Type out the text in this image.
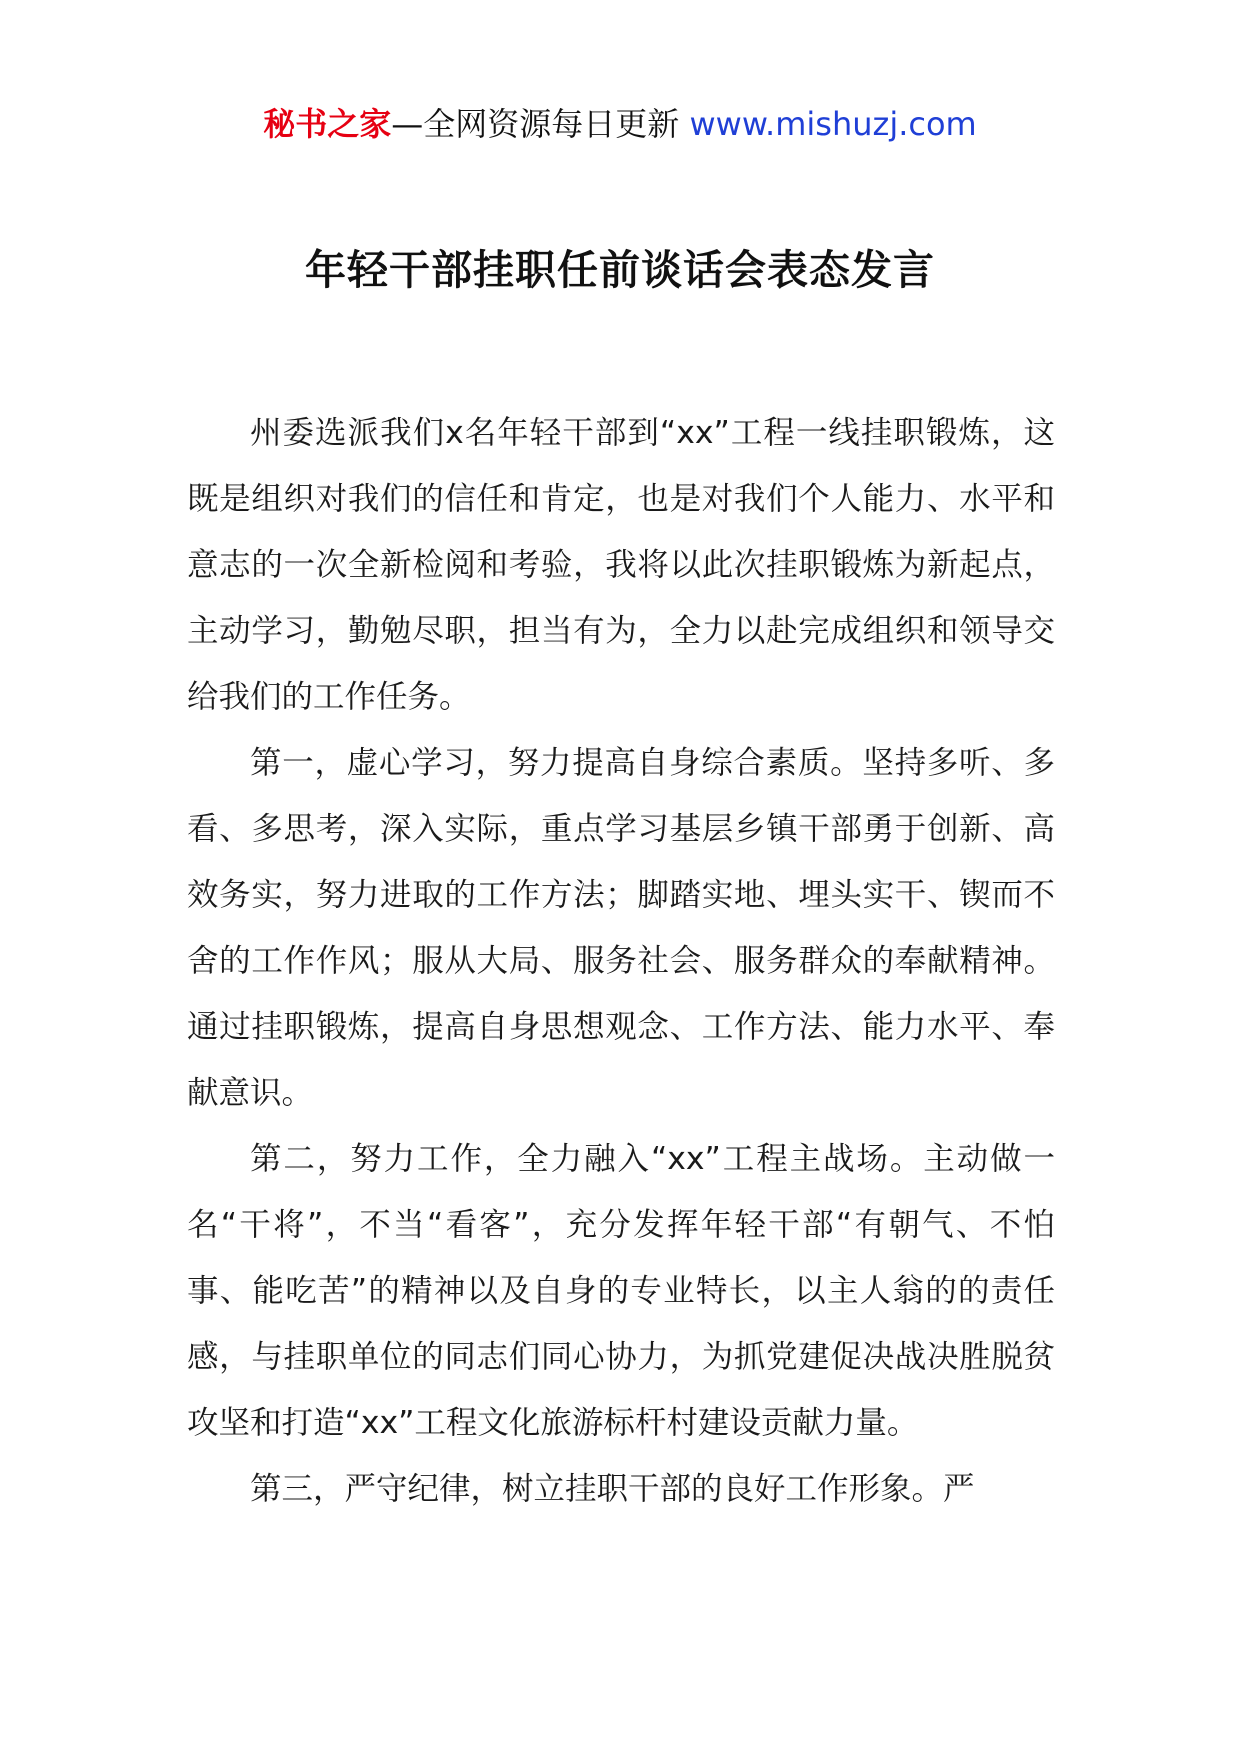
秘书之家—全网资源每日更新 www.mishuzj.com
年轻干部挂职任前谈话会表态发言

州委选派我们x名年轻干部到“xx”工程一线挂职锻炼，这既是组织对我们的信任和肯定，也是对我们个人能力、水平和意志的一次全新检阅和考验，我将以此次挂职锻炼为新起点，主动学习，勤勉尽职，担当有为，全力以赴完成组织和领导交给我们的工作任务。

第一，虚心学习，努力提高自身综合素质。坚持多听、多看、多思考，深入实际，重点学习基层乡镇干部勇于创新、高效务实，努力进取的工作方法；脚踏实地、埋头实干、锲而不舍的工作作风；服从大局、服务社会、服务群众的奉献精神。通过挂职锻炼，提高自身思想观念、工作方法、能力水平、奉献意识。

第二，努力工作，全力融入“xx”工程主战场。主动做一名“干将”，不当“看客”，充分发挥年轻干部“有朝气、不怕事、能吃苦”的精神以及自身的专业特长，以主人翁的的责任感，与挂职单位的同志们同心协力，为抓党建促决战决胜脱贫攻坚和打造“xx”工程文化旅游标杆村建设贡献力量。

第三，严守纪律，树立挂职干部的良好工作形象。严
